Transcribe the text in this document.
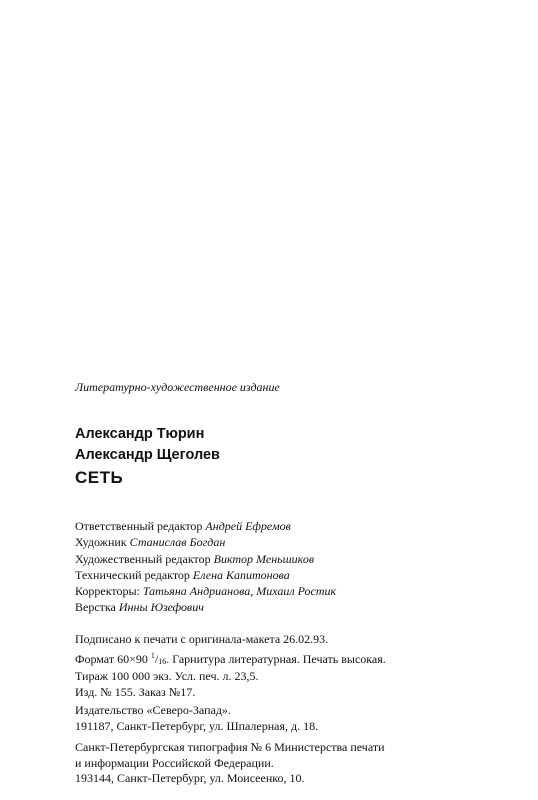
Литературно-художественное издание
Александр Тюрин
Александр Щеголев
СЕТЬ
Ответственный редактор Андрей Ефремов
Художник Станислав Богдан
Художественный редактор Виктор Меньшиков
Технический редактор Елена Капитонова
Корректоры: Татьяна Андрианова, Михаил Ростик
Верстка Инны Юзефович
Подписано к печати с оригинала-макета 26.02.93.
Формат 60×90 $^1/_{16}$. Гарнитура литературная. Печать высокая.
Тираж 100 000 экз. Усл. печ. л. 23,5.
Изд. № 155. Заказ №17.
Издательство «Северо-Запад».
191187, Санкт-Петербург, ул. Шпалерная, д. 18.
Санкт-Петербургская типография № 6 Министерства печати
и информации Российской Федерации.
193144, Санкт-Петербург, ул. Моисеенко, 10.
